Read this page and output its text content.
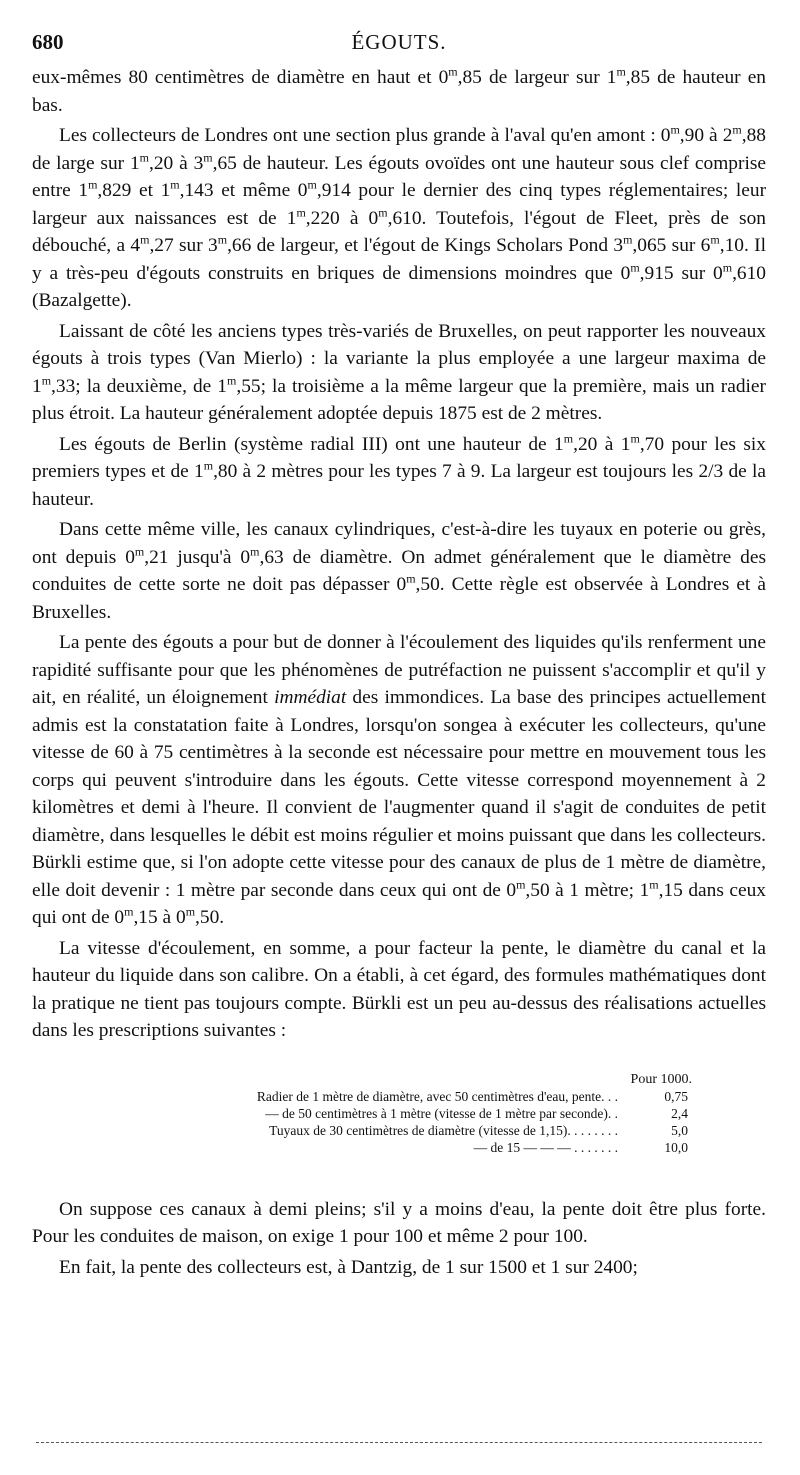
680	ÉGOUTS.

eux-mêmes 80 centimètres de diamètre en haut et 0$^m$,85 de largeur sur 1$^m$,85 de hauteur en bas.

Les collecteurs de Londres ont une section plus grande à l'aval qu'en amont : 0$^m$,90 à 2$^m$,88 de large sur 1$^m$,20 à 3$^m$,65 de hauteur. Les égouts ovoïdes ont une hauteur sous clef comprise entre 1$^m$,829 et 1$^m$,143 et même 0$^m$,914 pour le dernier des cinq types réglementaires; leur largeur aux naissances est de 1$^m$,220 à 0$^m$,610. Toutefois, l'égout de Fleet, près de son débouché, a 4$^m$,27 sur 3$^m$,66 de largeur, et l'égout de Kings Scholars Pond 3$^m$,065 sur 6$^m$,10. Il y a très-peu d'égouts construits en briques de dimensions moindres que 0$^m$,915 sur 0$^m$,610 (Bazalgette).

Laissant de côté les anciens types très-variés de Bruxelles, on peut rapporter les nouveaux égouts à trois types (Van Mierlo) : la variante la plus employée a une largeur maxima de 1$^m$,33; la deuxième, de 1$^m$,55; la troisième a la même largeur que la première, mais un radier plus étroit. La hauteur généralement adoptée depuis 1875 est de 2 mètres.

Les égouts de Berlin (système radial III) ont une hauteur de 1$^m$,20 à 1$^m$,70 pour les six premiers types et de 1$^m$,80 à 2 mètres pour les types 7 à 9. La largeur est toujours les 2/3 de la hauteur.

Dans cette même ville, les canaux cylindriques, c'est-à-dire les tuyaux en poterie ou grès, ont depuis 0$^m$,21 jusqu'à 0$^m$,63 de diamètre. On admet généralement que le diamètre des conduites de cette sorte ne doit pas dépasser 0$^m$,50. Cette règle est observée à Londres et à Bruxelles.

La pente des égouts a pour but de donner à l'écoulement des liquides qu'ils renferment une rapidité suffisante pour que les phénomènes de putréfaction ne puissent s'accomplir et qu'il y ait, en réalité, un éloignement immédiat des immondices. La base des principes actuellement admis est la constatation faite à Londres, lorsqu'on songea à exécuter les collecteurs, qu'une vitesse de 60 à 75 centimètres à la seconde est nécessaire pour mettre en mouvement tous les corps qui peuvent s'introduire dans les égouts. Cette vitesse correspond moyennement à 2 kilomètres et demi à l'heure. Il convient de l'augmenter quand il s'agit de conduites de petit diamètre, dans lesquelles le débit est moins régulier et moins puissant que dans les collecteurs. Bürkli estime que, si l'on adopte cette vitesse pour des canaux de plus de 1 mètre de diamètre, elle doit devenir : 1 mètre par seconde dans ceux qui ont de 0$^m$,50 à 1 mètre; 1$^m$,15 dans ceux qui ont de 0$^m$,15 à 0$^m$,50.

La vitesse d'écoulement, en somme, a pour facteur la pente, le diamètre du canal et la hauteur du liquide dans son calibre. On a établi, à cet égard, des formules mathématiques dont la pratique ne tient pas toujours compte. Bürkli est un peu au-dessus des réalisations actuelles dans les prescriptions suivantes :

Pour 1000.
Radier de 1 mètre de diamètre, avec 50 centimètres d'eau, pente. . .	0,75
— de 50 centimètres à 1 mètre (vitesse de 1 mètre par seconde). .	2,4
Tuyaux de 30 centimètres de diamètre (vitesse de 1,15). . . . . . . .	5,0
— de 15 — — — . . . . . . .	10,0

On suppose ces canaux à demi pleins; s'il y a moins d'eau, la pente doit être plus forte. Pour les conduites de maison, on exige 1 pour 100 et même 2 pour 100.

En fait, la pente des collecteurs est, à Dantzig, de 1 sur 1500 et 1 sur 2400;
